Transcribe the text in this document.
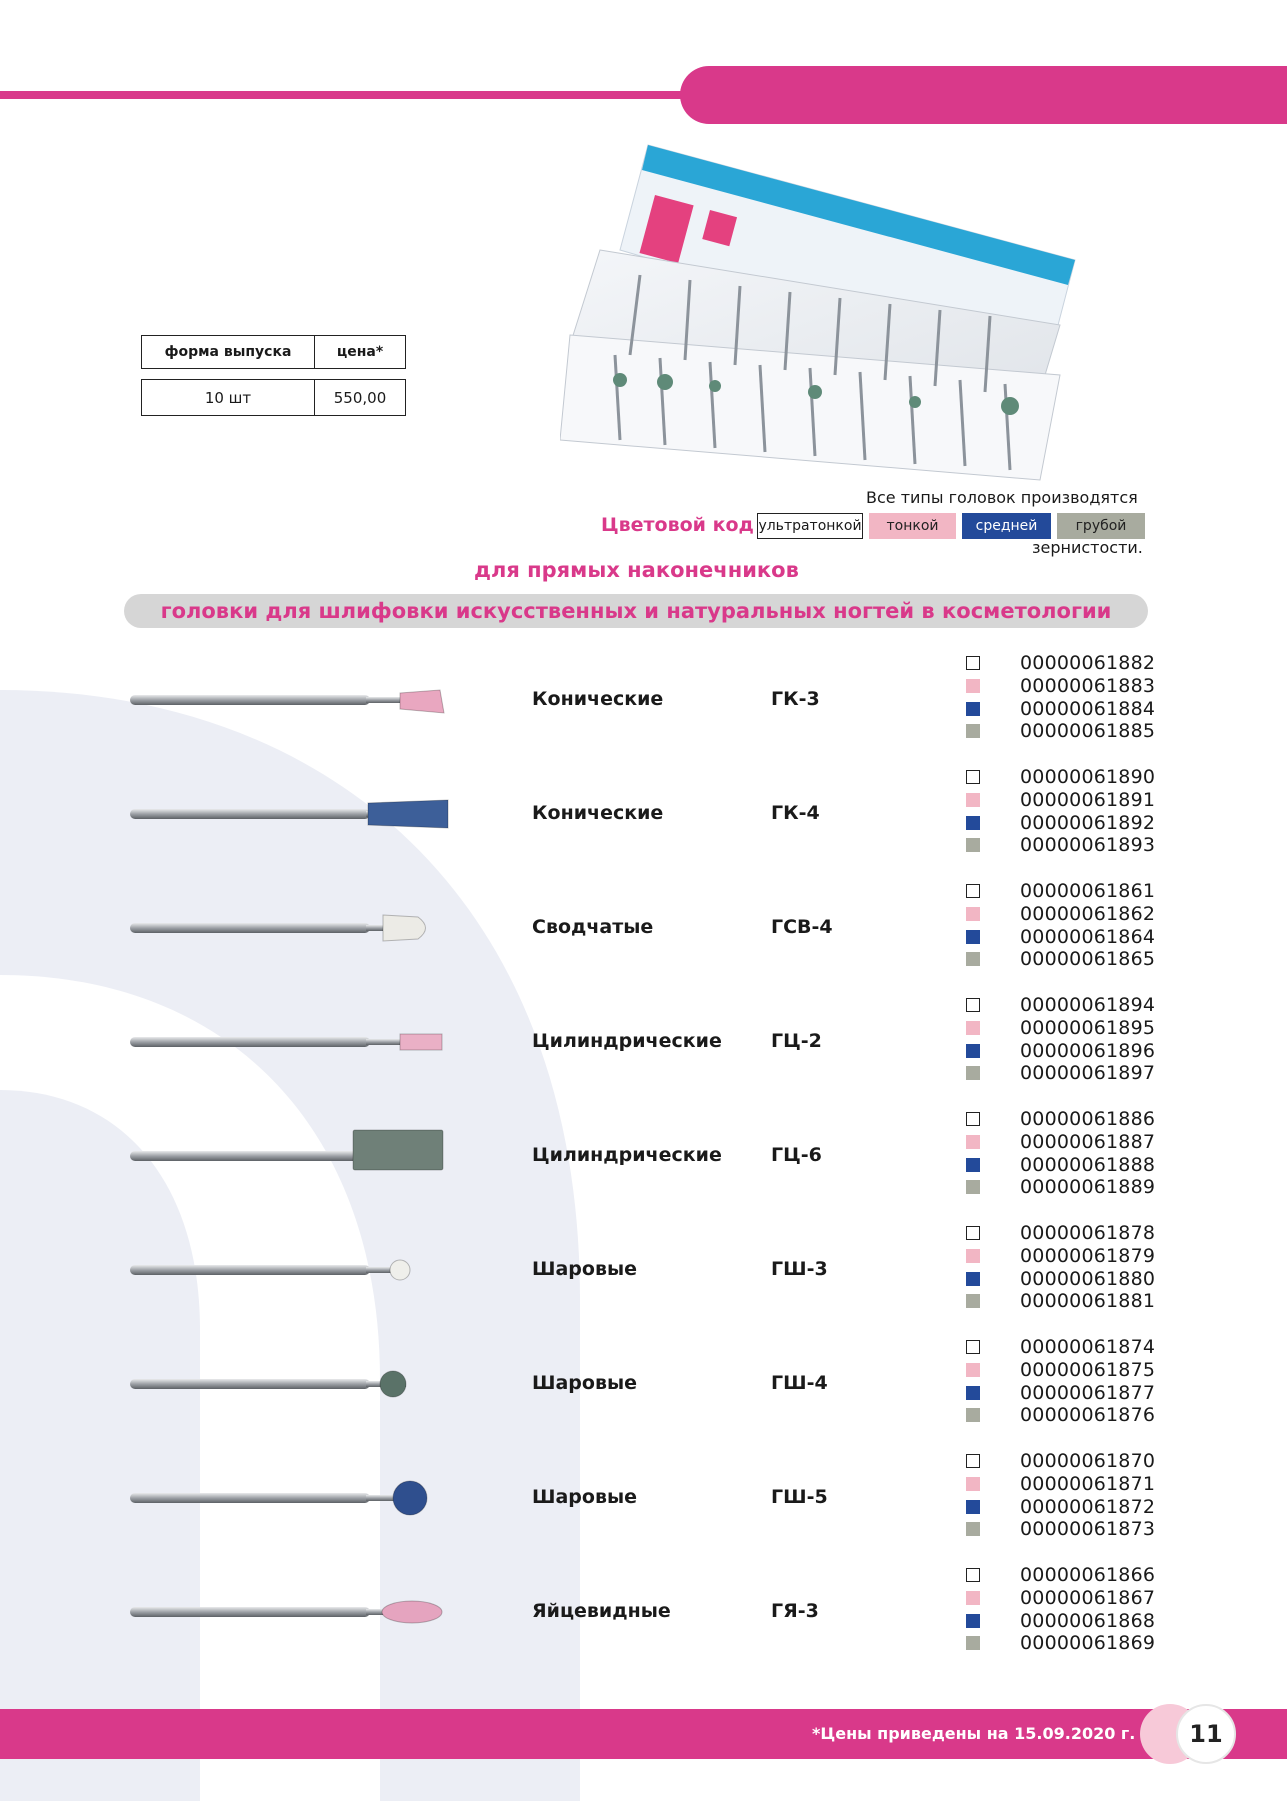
форма выпуска	цена*
10 шт	550,00
Все типы головок производятся
Цветовой код ультратонкой	тонкой	средней	грубой
зернистости.
для прямых наконечников
головки для шлифовки искусственных и натуральных ногтей в косметологии
Конические	ГК-3
00000061882
00000061883
00000061884
00000061885
Конические	ГК-4
00000061890
00000061891
00000061892
00000061893
Сводчатые	ГСВ-4
00000061861
00000061862
00000061864
00000061865
Цилиндрические	ГЦ-2
00000061894
00000061895
00000061896
00000061897
Цилиндрические	ГЦ-6
00000061886
00000061887
00000061888
00000061889
Шаровые	ГШ-3
00000061878
00000061879
00000061880
00000061881
Шаровые	ГШ-4
00000061874
00000061875
00000061877
00000061876
Шаровые	ГШ-5
00000061870
00000061871
00000061872
00000061873
Яйцевидные	ГЯ-3
00000061866
00000061867
00000061868
00000061869
*Цены приведены на 15.09.2020 г. 11
